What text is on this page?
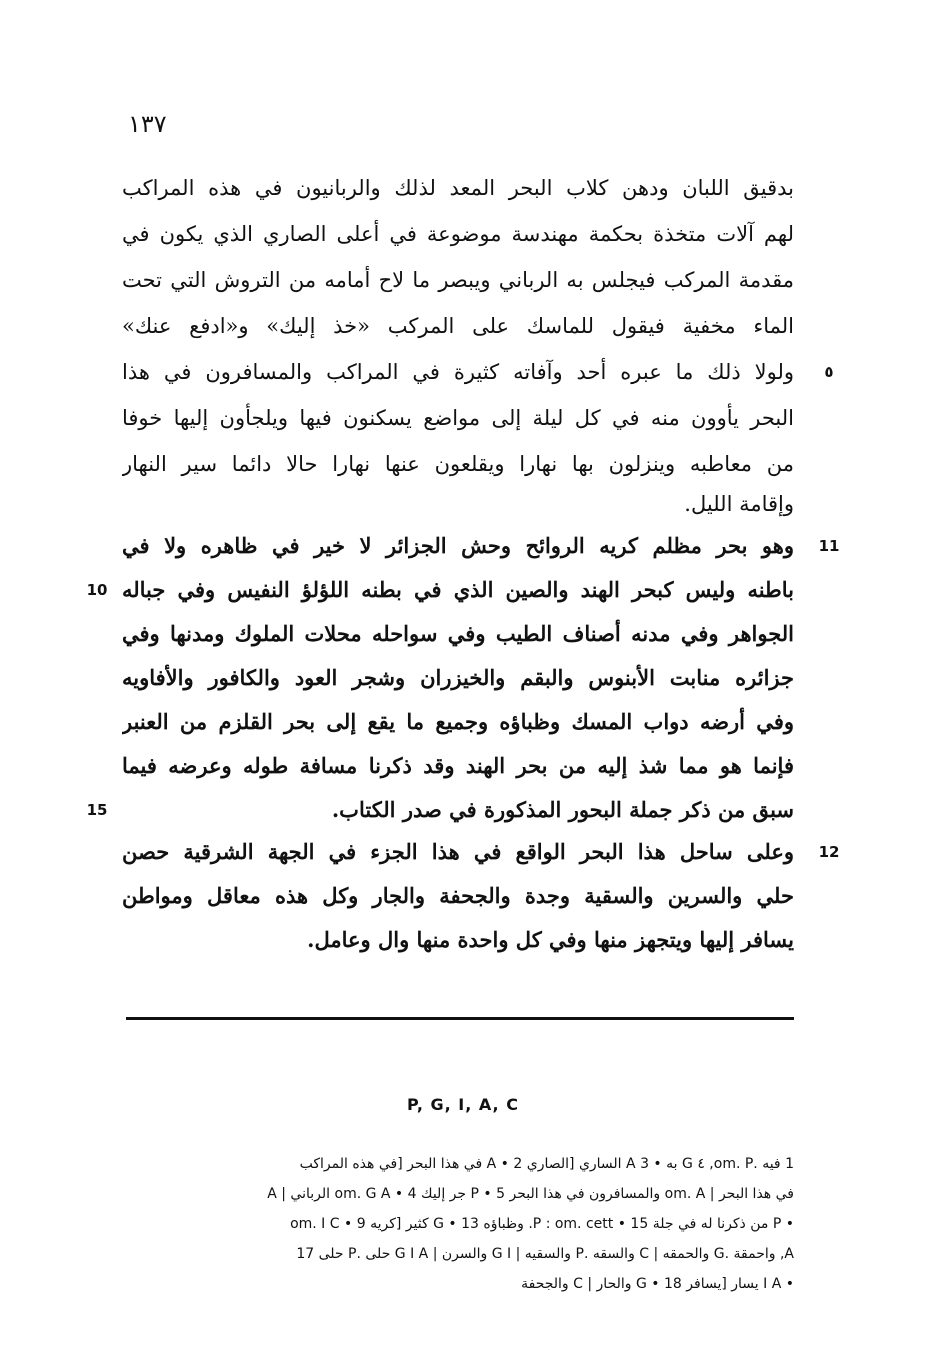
١٣٧
بدقيق اللبان ودهن كلاب البحر المعد لذلك والربانيون في هذه المراكب
لهم آلات متخذة بحكمة مهندسة موضوعة في أعلى الصاري الذي يكون في
مقدمة المركب فيجلس به الرباني ويبصر ما لاح أمامه من التروش التي تحت
الماء مخفية فيقول للماسك على المركب «خذ إليك» و«ادفع عنك»
ولولا ذلك ما عبره أحد وآفاته كثيرة في المراكب والمسافرون في هذا
البحر يأوون منه في كل ليلة إلى مواضع يسكنون فيها ويلجأون إليها خوفا
من معاطبه وينزلون بها نهارا ويقلعون عنها نهارا حالا دائما سير النهار
وإقامة الليل.
وهو بحر مظلم كريه الروائح وحش الجزائر لا خير في ظاهره ولا في
باطنه وليس كبحر الهند والصين الذي في بطنه اللؤلؤ النفيس وفي جباله
الجواهر وفي مدنه أصناف الطيب وفي سواحله محلات الملوك ومدنها وفي
جزائره منابت الأبنوس والبقم والخيزران وشجر العود والكافور والأفاويه
وفي أرضه دواب المسك وظباؤه وجميع ما يقع إلى بحر القلزم من العنبر
فإنما هو مما شذ إليه من بحر الهند وقد ذكرنا مسافة طوله وعرضه فيما
سبق من ذكر جملة البحور المذكورة في صدر الكتاب.
وعلى ساحل هذا البحر الواقع في هذا الجزء في الجهة الشرقية حصن
حلي والسرين والسقية وجدة والجحفة والجار وكل هذه معاقل ومواطن
يسافر إليها ويتجهز منها وفي كل واحدة منها وال وعامل.
٥
11
10
15
12
P, G, I, A, C
1 فيه .om. P, ٤ G به • 3 A الساري [الصاري 2 • A في هذا البحر [في هذه المراكب
في هذا البحر | om. A والمسافرون في هذا البحر 5 • P جر إليك 4 • om. G A الرباني | A
• P من ذكرنا له في جلة 15 • P : om. cett. وظباؤه 13 • G كثير [كريه 9 • om. I C
A, واحمقة .G والحمقه | C والسقه .P والسقيه | G I والسرن | G I A حلى .P حلى 17
• I A يسار [يسافر 18 • G والحار | C والجحفة
